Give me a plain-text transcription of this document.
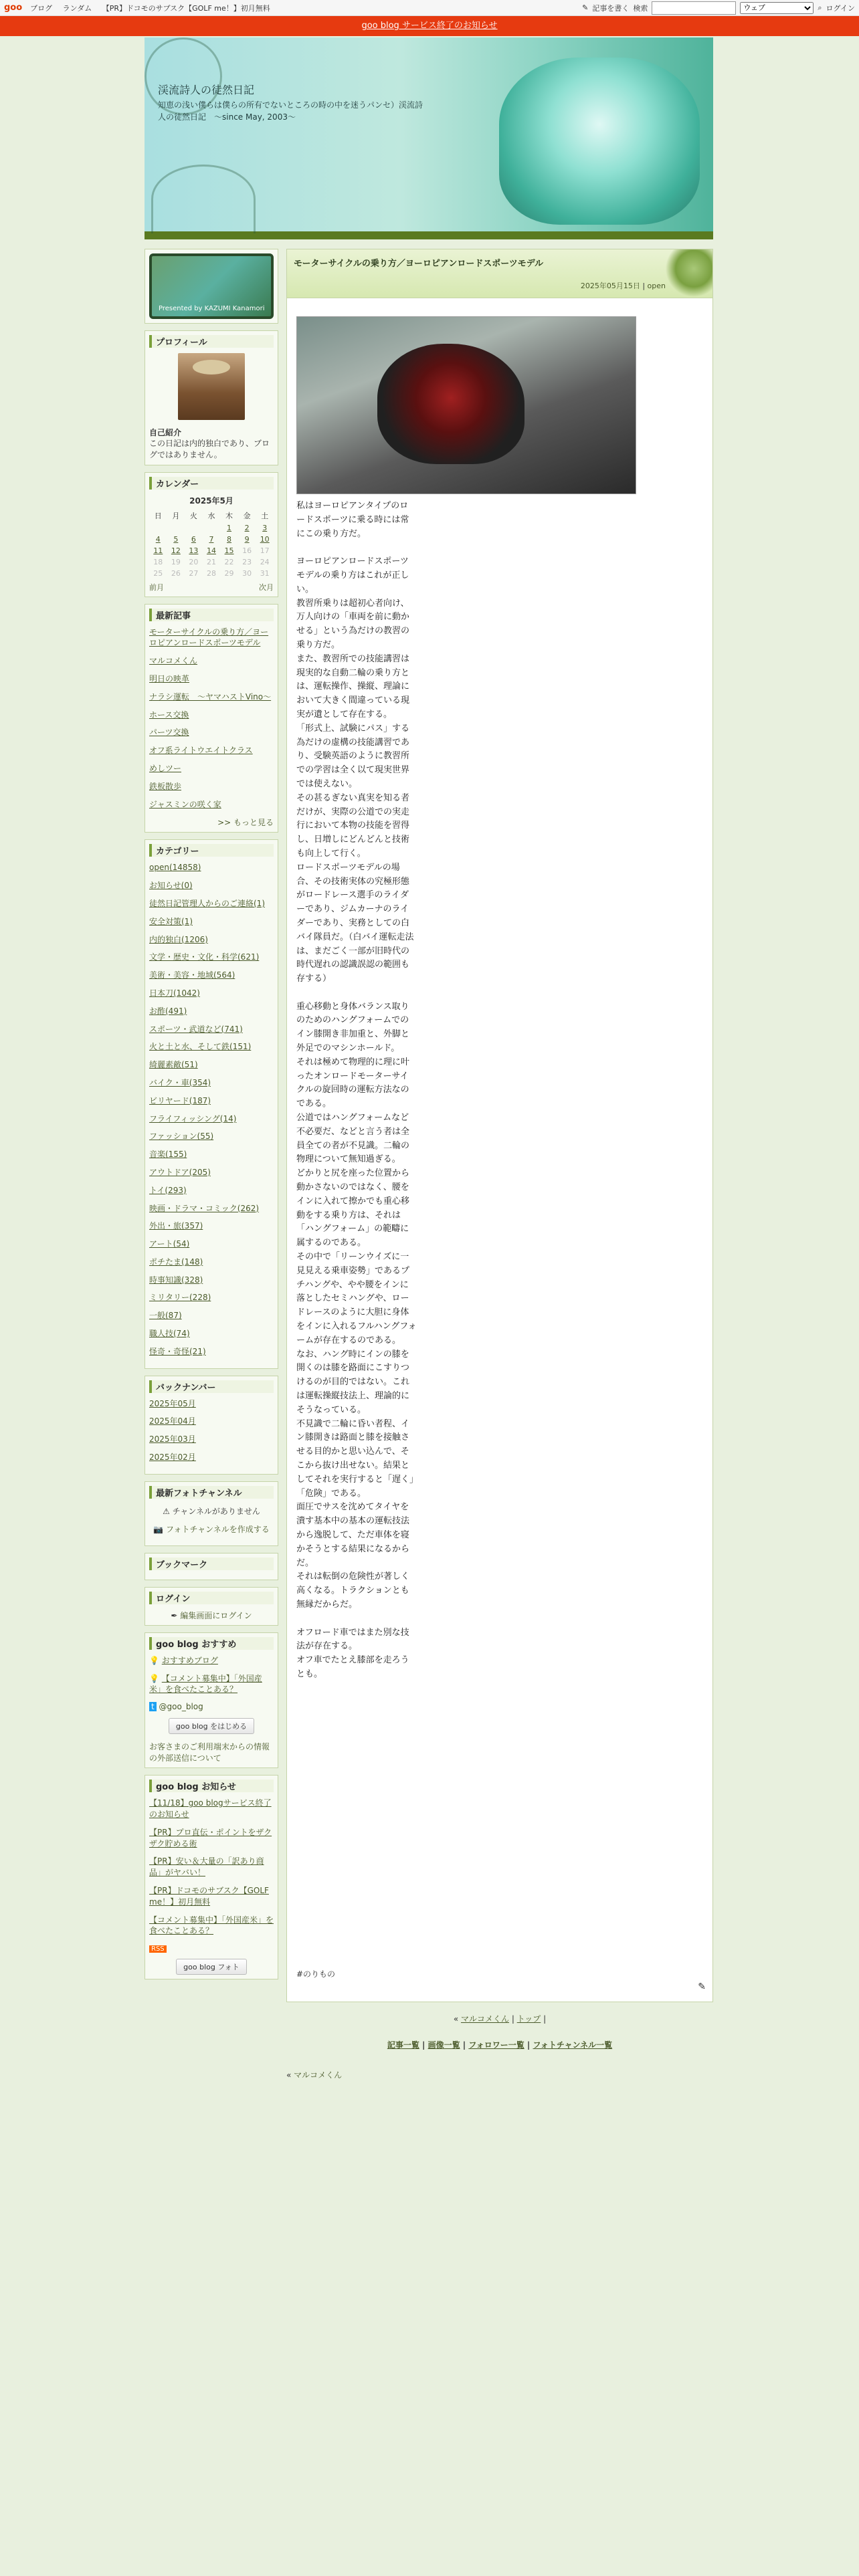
goo ブログ ランダム 【PR】ドコモのサブスク【GOLF me！】初月無料	✎ 記事を書く 検索
ウェブ	⌕ ログイン
goo blog サービス終了のお知らせ
渓流詩人の徒然日記
知恵の浅い僕らは僕らの所有でないところの時の中を迷うパンセ）渓流詩人の徒然日記　～since May, 2003～
Presented by KAZUMI Kanamori
プロフィール
自己紹介
この日記は内的独白であり、ブログではありません。
カレンダー
2025年5月
日	月	火	水	木	金	土
				1	2	3
4	5	6	7	8	9	10
11	12	13	14	15	16	17
18	19	20	21	22	23	24
25	26	27	28	29	30	31
前月	次月
最新記事
モーターサイクルの乗り方／ヨーロピアンロードスポーツモデル
マルコメくん
明日の映革
ナラシ運転　～ヤマハストVino～
ホース交換
パーツ交換
オフ系ライトウエイトクラス
めしツー
鉄板散歩
ジャスミンの咲く家
>> もっと見る
カテゴリー
open(14858)
お知らせ(0)
徒然日記管理人からのご連絡(1)
安全対策(1)
内的独白(1206)
文学・歴史・文化・科学(621)
美術・美容・地域(564)
日本刀(1042)
お酢(491)
スポーツ・武道など(741)
火と土と水、そして鉄(151)
綺麗素敵(51)
バイク・車(354)
ビリヤード(187)
フライフィッシング(14)
ファッション(55)
音楽(155)
アウトドア(205)
トイ(293)
映画・ドラマ・コミック(262)
外出・旅(357)
アート(54)
ポチたま(148)
時事知識(328)
ミリタリー(228)
一般(87)
職人技(74)
怪奇・奇怪(21)
バックナンバー
2025年05月
2025年04月
2025年03月
2025年02月
最新フォトチャンネル
⚠ チャンネルがありません
📷 フォトチャンネルを作成する
ブックマーク
ログイン
✒ 編集画面にログイン
goo blog おすすめ
💡 おすすめブログ
💡 【コメント募集中】「外国産米」を食べたことある？
t @goo_blog
goo blog をはじめる
お客さまのご利用端末からの情報の外部送信について
goo blog お知らせ
【11/18】goo blogサービス終了のお知らせ
【PR】プロ直伝・ポイントをザクザク貯める術
【PR】安い＆大量の「訳あり商品」がヤバい！
【PR】ドコモのサブスク【GOLF me！】初月無料
【コメント募集中】「外国産米」を食べたことある？
RSS
goo blog フォト
モーターサイクルの乗り方／ヨーロピアンロードスポーツモデル
2025年05月15日 | open
私はヨーロピアンタイプのロードスポーツに乗る時には常にこの乗り方だ。

ヨーロピアンロードスポーツモデルの乗り方はこれが正しい。
教習所乗りは超初心者向け、万人向けの「車両を前に動かせる」という為だけの教習の乗り方だ。
また、教習所での技能講習は現実的な自動二輪の乗り方とは、運転操作、操縦、理論において大きく間違っている現実が遺として存在する。
「形式上、試験にパス」する為だけの虚構の技能講習であり、受験英語のように教習所での学習は全く以て現実世界では使えない。
その甚るぎない真実を知る者だけが、実際の公道での実走行において本物の技能を習得し、日増しにどんどんと技術も向上して行く。
ロードスポーツモデルの場合、その技術実体の究極形態がロードレース選手のライダーであり、ジムカーナのライダーであり、実務としての白バイ隊員だ。（白バイ運転走法は、まだごく一部が旧時代の時代遅れの認識誤認の範囲も存する）

重心移動と身体バランス取りのためのハングフォームでのイン膝開き非加重と、外脚と外足でのマシンホールド。
それは極めて物理的に理に叶ったオンロードモーターサイクルの旋回時の運転方法なのである。
公道ではハングフォームなど不必要だ、などと言う者は全員全ての者が不見識。二輪の物理について無知過ぎる。
どかりと尻を座った位置から動かさないのではなく、腰をインに入れて擦かでも重心移動をする乗り方は、それは「ハングフォーム」の範疇に属するのである。
その中で「リーンウイズに一見見える乗車姿勢」であるプチハングや、やや腰をインに落としたセミハングや、ロードレースのように大胆に身体をインに入れるフルハングフォームが存在するのである。
なお、ハング時にインの膝を開くのは膝を路面にこすりつけるのが目的ではない。これは運転操縦技法上、理論的にそうなっている。
不見識で二輪に昏い者程、イン膝開きは路面と膝を接触させる目的かと思い込んで、そこから抜け出せない。結果としてそれを実行すると「遅く」「危険」である。
面圧でサスを沈めてタイヤを潰す基本中の基本の運転技法から逸脱して、ただ車体を寝かそうとする結果になるからだ。
それは転倒の危険性が著しく高くなる。トラクションとも無縁だからだ。

オフロード車ではまた別な技法が存在する。
オフ車でたとえ膝部を走ろうとも。
#のりもの
✎
« マルコメくん | トップ |
記事一覧 | 画像一覧 | フォロワー一覧 | フォトチャンネル一覧
« マルコメくん
